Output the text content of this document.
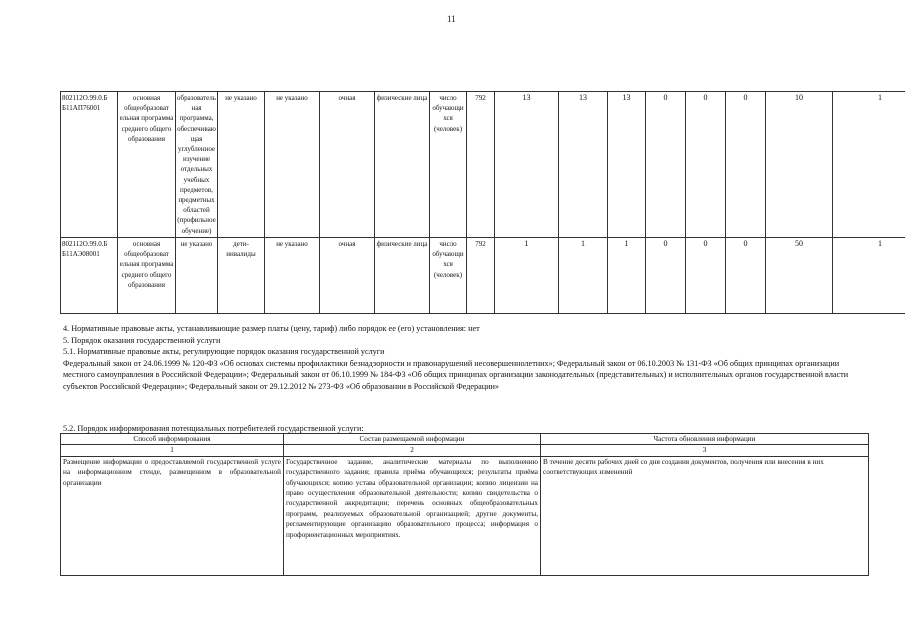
11
802112О.99.0.Б Б11АП76001	основная общеобразоват ельная программа среднего общего образования	образовательная программа, обеспечивающая углубленное изучение отдельных учебных предметов, предметных областей (профильное обучение)	не указано	не указано	очная	физические лица	число обучающихся (человек)	792	13	13	13	0	0	0	10	1
802112О.99.0.Б Б11АЭ08001	основная общеобразоват ельная программа среднего общего образования	не указано	дети-инвалиды	не указано	очная	физические лица	число обучающихся (человек)	792	1	1	1	0	0	0	50	1

4. Нормативные правовые акты, устанавливающие размер платы (цену, тариф) либо порядок ее (его) установления: нет

5. Порядок оказания государственной услуги

5.1. Нормативные правовые акты, регулирующие порядок оказания государственной услуги

Федеральный закон от 24.06.1999 № 120-ФЗ «Об основах системы профилактики безнадзорности и правонарушений несовершеннолетних»; Федеральный закон от 06.10.2003 № 131-ФЗ «Об общих принципах организации местного самоуправления в Российской Федерации»; Федеральный закон от 06.10.1999 № 184-ФЗ «Об общих принципах организации законодательных (представительных) и исполнительных органов государственной власти субъектов Российской Федерации»; Федеральный закон от 29.12.2012 № 273-ФЗ «Об образовании в Российской Федерации»

5.2. Порядок информирования потенциальных потребителей государственной услуги:
Способ информирования	Состав размещаемой информации	Частота обновления информации
1	2	3
Размещение информации о предоставляемой государственной услуге на информационном стенде, размещенном в образовательной организации	Государственное задание, аналитические материалы по выполнению государственного задания; правила приёма обучающихся; результаты приёма обучающихся; копию устава образовательной организации; копию лицензии на право осуществления образовательной деятельности; копию свидетельства о государственной аккредитации; перечень основных общеобразовательных программ, реализуемых образовательной организацией; другие документы, регламентирующие организацию образовательного процесса; информация о профориентационных мероприятиях.	В течение десяти рабочих дней со дня создания документов, получения или внесения в них соответствующих изменений
